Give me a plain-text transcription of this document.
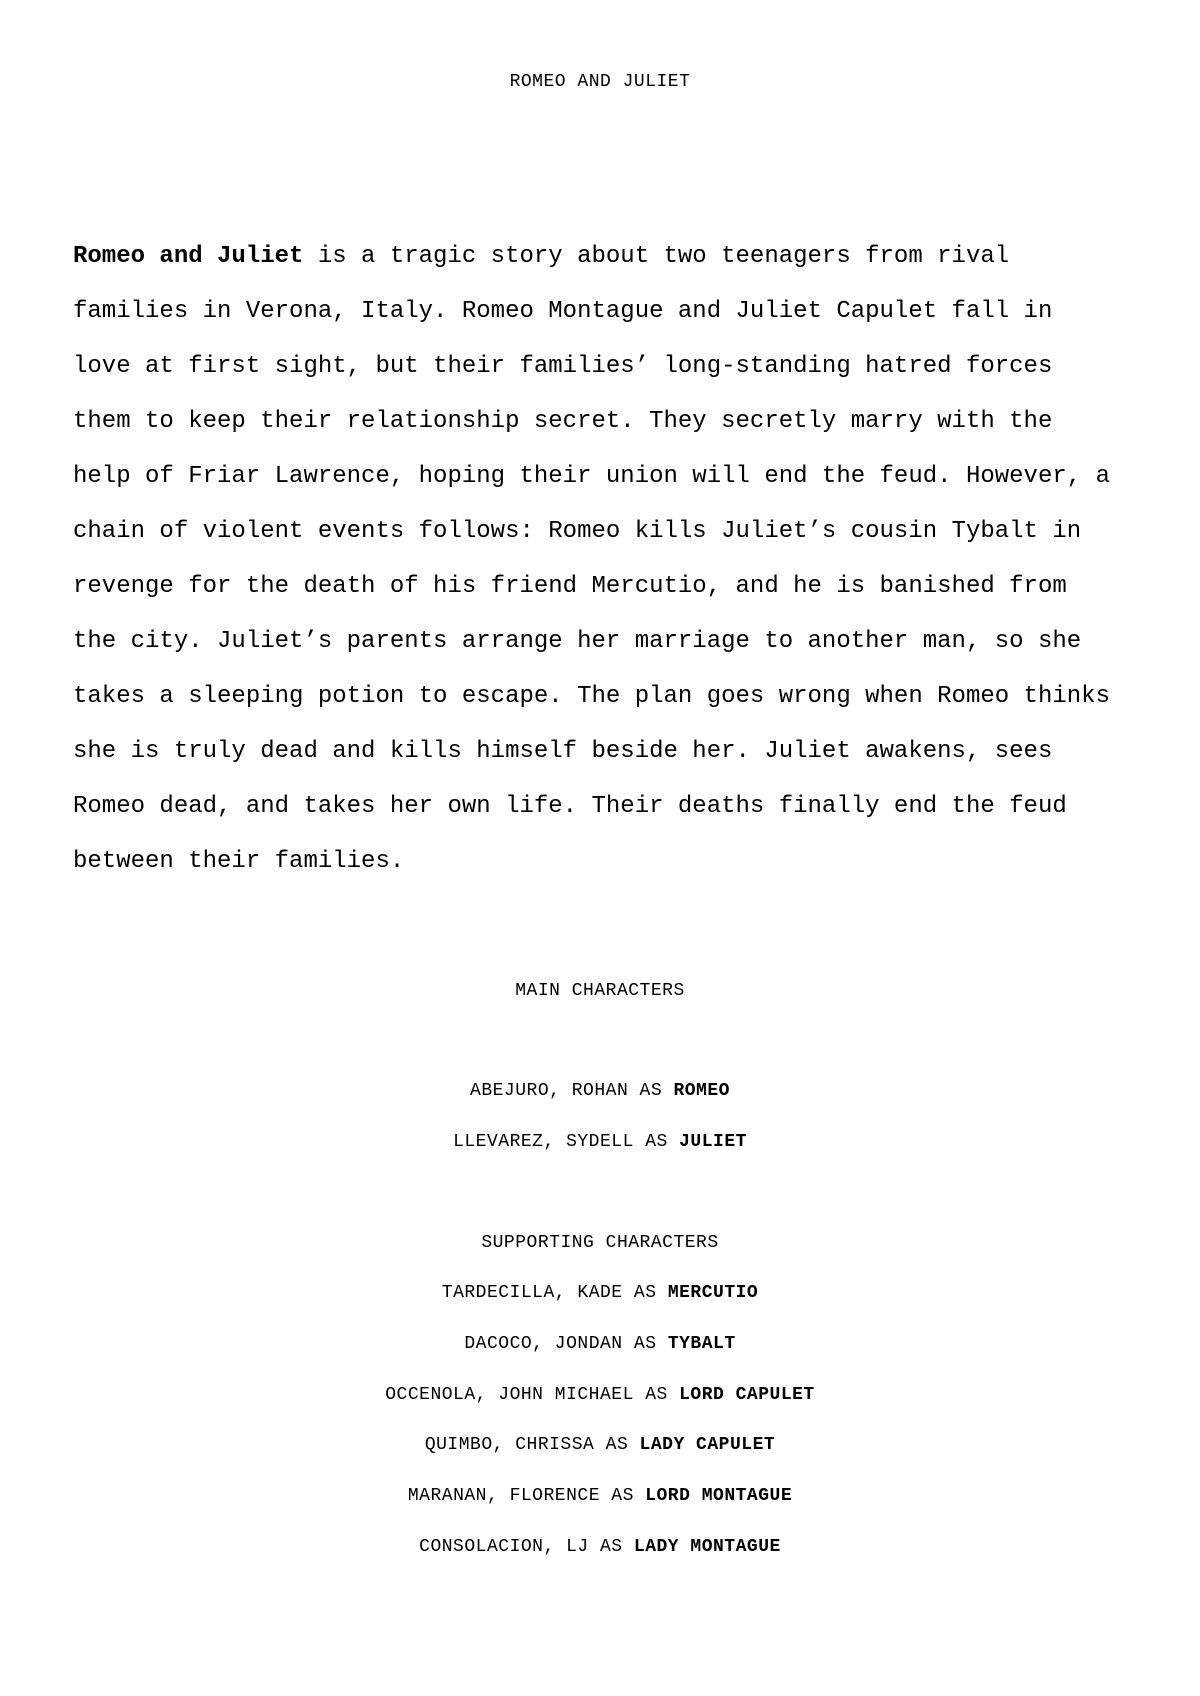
ROMEO AND JULIET
Romeo and Juliet is a tragic story about two teenagers from rival
families in Verona, Italy. Romeo Montague and Juliet Capulet fall in
love at first sight, but their families’ long-standing hatred forces
them to keep their relationship secret. They secretly marry with the
help of Friar Lawrence, hoping their union will end the feud. However, a
chain of violent events follows: Romeo kills Juliet’s cousin Tybalt in
revenge for the death of his friend Mercutio, and he is banished from
the city. Juliet’s parents arrange her marriage to another man, so she
takes a sleeping potion to escape. The plan goes wrong when Romeo thinks
she is truly dead and kills himself beside her. Juliet awakens, sees
Romeo dead, and takes her own life. Their deaths finally end the feud
between their families.
MAIN CHARACTERS
ABEJURO, ROHAN AS ROMEO
LLEVAREZ, SYDELL AS JULIET
SUPPORTING CHARACTERS
TARDECILLA, KADE AS MERCUTIO
DACOCO, JONDAN AS TYBALT
OCCENOLA, JOHN MICHAEL AS LORD CAPULET
QUIMBO, CHRISSA AS LADY CAPULET
MARANAN, FLORENCE AS LORD MONTAGUE
CONSOLACION, LJ AS LADY MONTAGUE
